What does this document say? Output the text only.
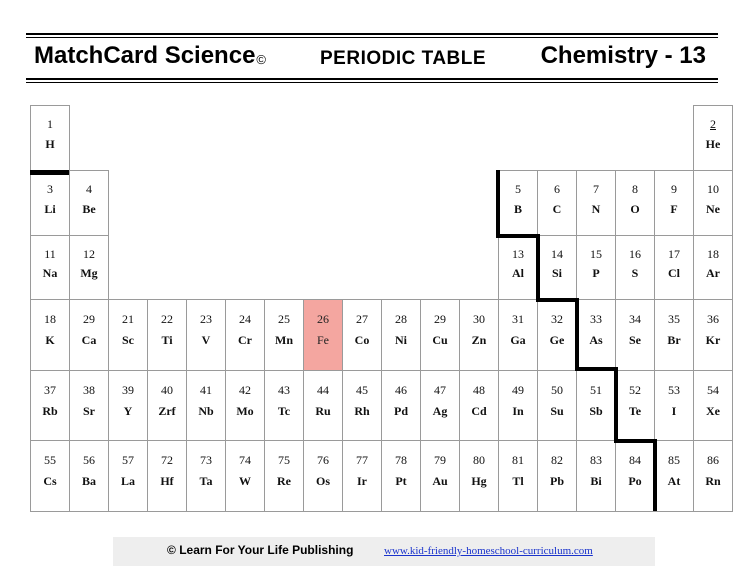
MatchCard Science©	PERIODIC TABLE Chemistry - 13
1
H
2
He
3
Li
4
Be
5
B
6
C
7
N
8
O
9
F
10
Ne
11
Na
12
Mg
13
Al
14
Si
15
P
16
S
17
Cl
18
Ar
18
K
29
Ca
21
Sc
22
Ti
23
V
24
Cr
25
Mn
26
Fe
27
Co
28
Ni
29
Cu
30
Zn
31
Ga
32
Ge
33
As
34
Se
35
Br
36
Kr
37
Rb
38
Sr
39
Y
40
Zrf
41
Nb
42
Mo
43
Tc
44
Ru
45
Rh
46
Pd
47
Ag
48
Cd
49
In
50
Su
51
Sb
52
Te
53
I
54
Xe
55
Cs
56
Ba
57
La
72
Hf
73
Ta
74
W
75
Re
76
Os
77
Ir
78
Pt
79
Au
80
Hg
81
Tl
82
Pb
83
Bi
84
Po
85
At
86
Rn
© Learn For Your Life Publishing	www.kid-friendly-homeschool-curriculum.com
